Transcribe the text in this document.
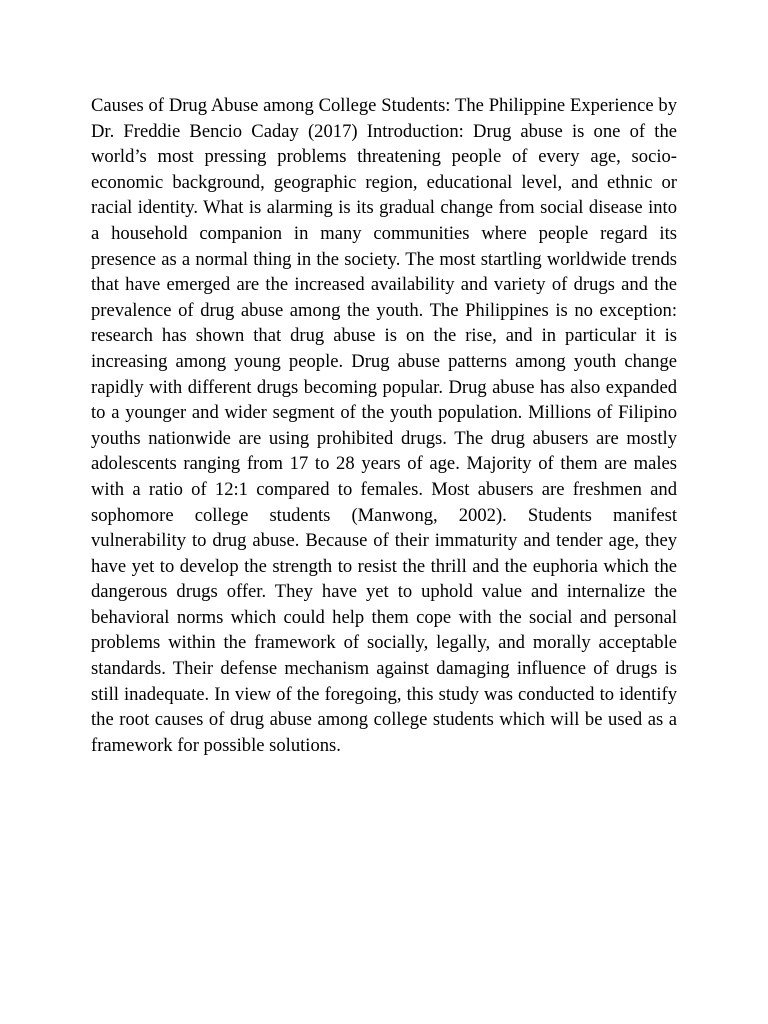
Causes of Drug Abuse among College Students: The Philippine Experience by Dr. Freddie Bencio Caday (2017) Introduction: Drug abuse is one of the world’s most pressing problems threatening people of every age, socio-economic background, geographic region, educational level, and ethnic or racial identity. What is alarming is its gradual change from social disease into a household companion in many communities where people regard its presence as a normal thing in the society. The most startling worldwide trends that have emerged are the increased availability and variety of drugs and the prevalence of drug abuse among the youth. The Philippines is no exception: research has shown that drug abuse is on the rise, and in particular it is increasing among young people. Drug abuse patterns among youth change rapidly with different drugs becoming popular. Drug abuse has also expanded to a younger and wider segment of the youth population. Millions of Filipino youths nationwide are using prohibited drugs. The drug abusers are mostly adolescents ranging from 17 to 28 years of age. Majority of them are males with a ratio of 12:1 compared to females. Most abusers are freshmen and sophomore college students (Manwong, 2002). Students manifest vulnerability to drug abuse. Because of their immaturity and tender age, they have yet to develop the strength to resist the thrill and the euphoria which the dangerous drugs offer. They have yet to uphold value and internalize the behavioral norms which could help them cope with the social and personal problems within the framework of socially, legally, and morally acceptable standards. Their defense mechanism against damaging influence of drugs is still inadequate. In view of the foregoing, this study was conducted to identify the root causes of drug abuse among college students which will be used as a framework for possible solutions.
